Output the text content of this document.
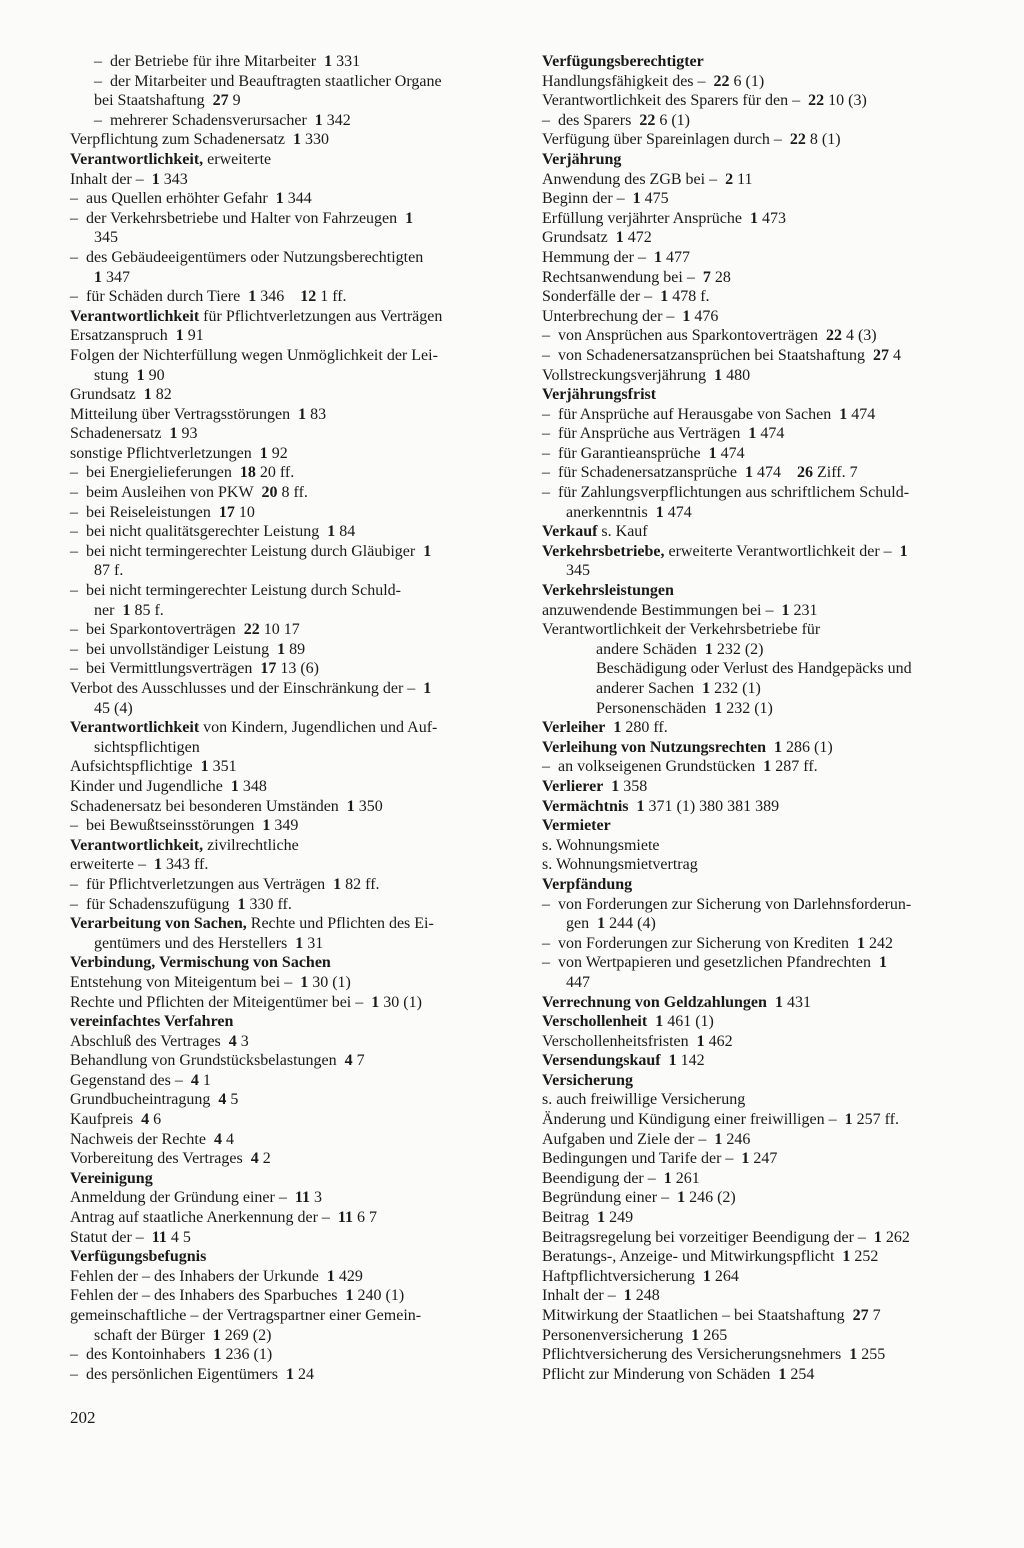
– der Betriebe für ihre Mitarbeiter 1 331
– der Mitarbeiter und Beauftragten staatlicher Organe
bei Staatshaftung 27 9
– mehrerer Schadensverursacher 1 342
Verpflichtung zum Schadenersatz 1 330
Verantwortlichkeit, erweiterte
Inhalt der – 1 343
– aus Quellen erhöhter Gefahr 1 344
– der Verkehrsbetriebe und Halter von Fahrzeugen 1
345
– des Gebäudeeigentümers oder Nutzungsberechtigten
1 347
– für Schäden durch Tiere 1 346   12 1 ff.
Verantwortlichkeit für Pflichtverletzungen aus Verträgen
Ersatzanspruch 1 91
Folgen der Nichterfüllung wegen Unmöglichkeit der Lei-
stung 1 90
Grundsatz 1 82
Mitteilung über Vertragsstörungen 1 83
Schadenersatz 1 93
sonstige Pflichtverletzungen 1 92
– bei Energielieferungen 18 20 ff.
– beim Ausleihen von PKW 20 8 ff.
– bei Reiseleistungen 17 10
– bei nicht qualitätsgerechter Leistung 1 84
– bei nicht termingerechter Leistung durch Gläubiger 1
87 f.
– bei nicht termingerechter Leistung durch Schuld-
ner 1 85 f.
– bei Sparkontoverträgen 22 10 17
– bei unvollständiger Leistung 1 89
– bei Vermittlungsverträgen 17 13 (6)
Verbot des Ausschlusses und der Einschränkung der – 1
45 (4)
Verantwortlichkeit von Kindern, Jugendlichen und Auf-
sichtspflichtigen
Aufsichtspflichtige 1 351
Kinder und Jugendliche 1 348
Schadenersatz bei besonderen Umständen 1 350
– bei Bewußtseinsstörungen 1 349
Verantwortlichkeit, zivilrechtliche
erweiterte – 1 343 ff.
– für Pflichtverletzungen aus Verträgen 1 82 ff.
– für Schadenszufügung 1 330 ff.
Verarbeitung von Sachen, Rechte und Pflichten des Ei-
gentümers und des Herstellers 1 31
Verbindung, Vermischung von Sachen
Entstehung von Miteigentum bei – 1 30 (1)
Rechte und Pflichten der Miteigentümer bei – 1 30 (1)
vereinfachtes Verfahren
Abschluß des Vertrages 4 3
Behandlung von Grundstücksbelastungen 4 7
Gegenstand des – 4 1
Grundbucheintragung 4 5
Kaufpreis 4 6
Nachweis der Rechte 4 4
Vorbereitung des Vertrages 4 2
Vereinigung
Anmeldung der Gründung einer – 11 3
Antrag auf staatliche Anerkennung der – 11 6 7
Statut der – 11 4 5
Verfügungsbefugnis
Fehlen der – des Inhabers der Urkunde 1 429
Fehlen der – des Inhabers des Sparbuches 1 240 (1)
gemeinschaftliche – der Vertragspartner einer Gemein-
schaft der Bürger 1 269 (2)
– des Kontoinhabers 1 236 (1)
– des persönlichen Eigentümers 1 24
Verfügungsberechtigter
Handlungsfähigkeit des – 22 6 (1)
Verantwortlichkeit des Sparers für den – 22 10 (3)
– des Sparers 22 6 (1)
Verfügung über Spareinlagen durch – 22 8 (1)
Verjährung
Anwendung des ZGB bei – 2 11
Beginn der – 1 475
Erfüllung verjährter Ansprüche 1 473
Grundsatz 1 472
Hemmung der – 1 477
Rechtsanwendung bei – 7 28
Sonderfälle der – 1 478 f.
Unterbrechung der – 1 476
– von Ansprüchen aus Sparkontoverträgen 22 4 (3)
– von Schadenersatzansprüchen bei Staatshaftung 27 4
Vollstreckungsverjährung 1 480
Verjährungsfrist
– für Ansprüche auf Herausgabe von Sachen 1 474
– für Ansprüche aus Verträgen 1 474
– für Garantieansprüche 1 474
– für Schadenersatzansprüche 1 474   26 Ziff. 7
– für Zahlungsverpflichtungen aus schriftlichem Schuld-
anerkenntnis 1 474
Verkauf s. Kauf
Verkehrsbetriebe, erweiterte Verantwortlichkeit der – 1
345
Verkehrsleistungen
anzuwendende Bestimmungen bei – 1 231
Verantwortlichkeit der Verkehrsbetriebe für
andere Schäden 1 232 (2)
Beschädigung oder Verlust des Handgepäcks und
anderer Sachen 1 232 (1)
Personenschäden 1 232 (1)
Verleiher  1 280 ff.
Verleihung von Nutzungsrechten  1 286 (1)
– an volkseigenen Grundstücken 1 287 ff.
Verlierer  1 358
Vermächtnis  1 371 (1) 380 381 389
Vermieter
s. Wohnungsmiete
s. Wohnungsmietvertrag
Verpfändung
– von Forderungen zur Sicherung von Darlehnsforderun-
gen 1 244 (4)
– von Forderungen zur Sicherung von Krediten 1 242
– von Wertpapieren und gesetzlichen Pfandrechten 1
447
Verrechnung von Geldzahlungen  1 431
Verschollenheit  1 461 (1)
Verschollenheitsfristen 1 462
Versendungskauf  1 142
Versicherung
s. auch freiwillige Versicherung
Änderung und Kündigung einer freiwilligen – 1 257 ff.
Aufgaben und Ziele der – 1 246
Bedingungen und Tarife der – 1 247
Beendigung der – 1 261
Begründung einer – 1 246 (2)
Beitrag 1 249
Beitragsregelung bei vorzeitiger Beendigung der – 1 262
Beratungs-, Anzeige- und Mitwirkungspflicht 1 252
Haftpflichtversicherung 1 264
Inhalt der – 1 248
Mitwirkung der Staatlichen – bei Staatshaftung 27 7
Personenversicherung 1 265
Pflichtversicherung des Versicherungsnehmers 1 255
Pflicht zur Minderung von Schäden 1 254
202
